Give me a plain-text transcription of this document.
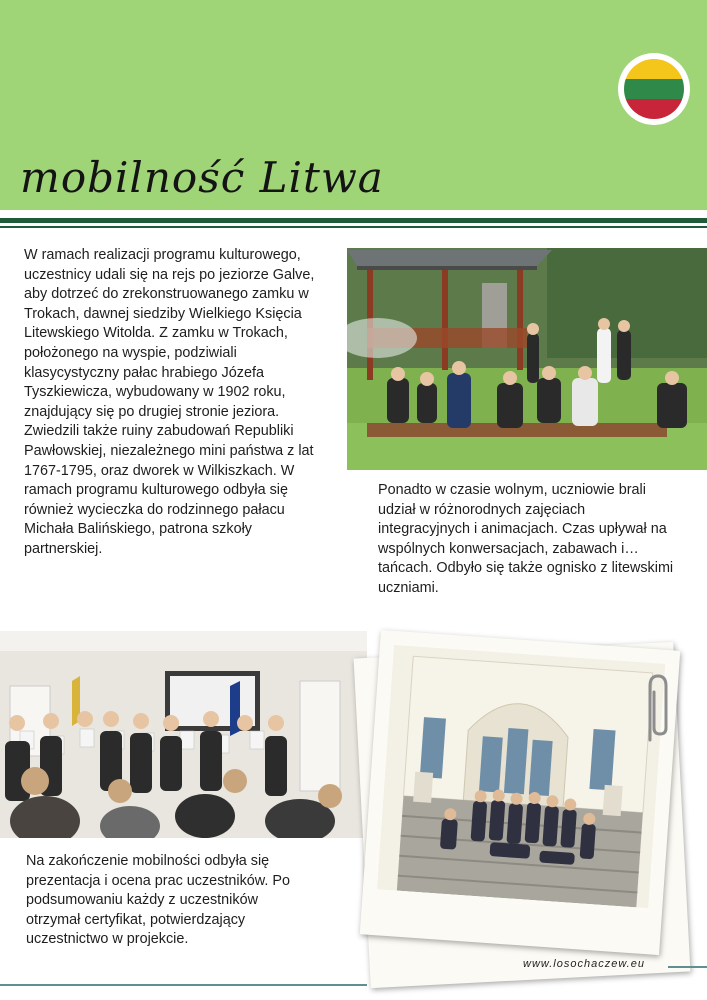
mobilność Litwa
W ramach realizacji programu kulturowego, uczestnicy udali się na rejs po jeziorze Galve, aby dotrzeć do zrekonstruowanego zamku w Trokach, dawnej siedziby Wielkiego Księcia Litewskiego Witolda. Z zamku w Trokach, położonego na wyspie, podziwiali klasycystyczny pałac hrabiego Józefa Tyszkiewicza, wybudowany w 1902 roku, znajdujący się po drugiej stronie jeziora. Zwiedzili także ruiny zabudowań Republiki Pawłowskiej, niezależnego mini państwa z lat 1767-1795, oraz dworek w Wilkiszkach. W ramach programu kulturowego odbyła się również wycieczka do rodzinnego pałacu Michała Balińskiego, patrona szkoły partnerskiej.
Ponadto w czasie wolnym, uczniowie brali udział w różnorodnych zajęciach integracyjnych i animacjach. Czas upływał na wspólnych konwersacjach, zabawach i… tańcach. Odbyło się także ognisko z litewskimi uczniami.
Na zakończenie mobilności odbyła się prezentacja i ocena prac uczestników. Po podsumowaniu każdy z uczestników otrzymał certyfikat, potwierdzający uczestnictwo w projekcie.
www.losochaczew.eu
